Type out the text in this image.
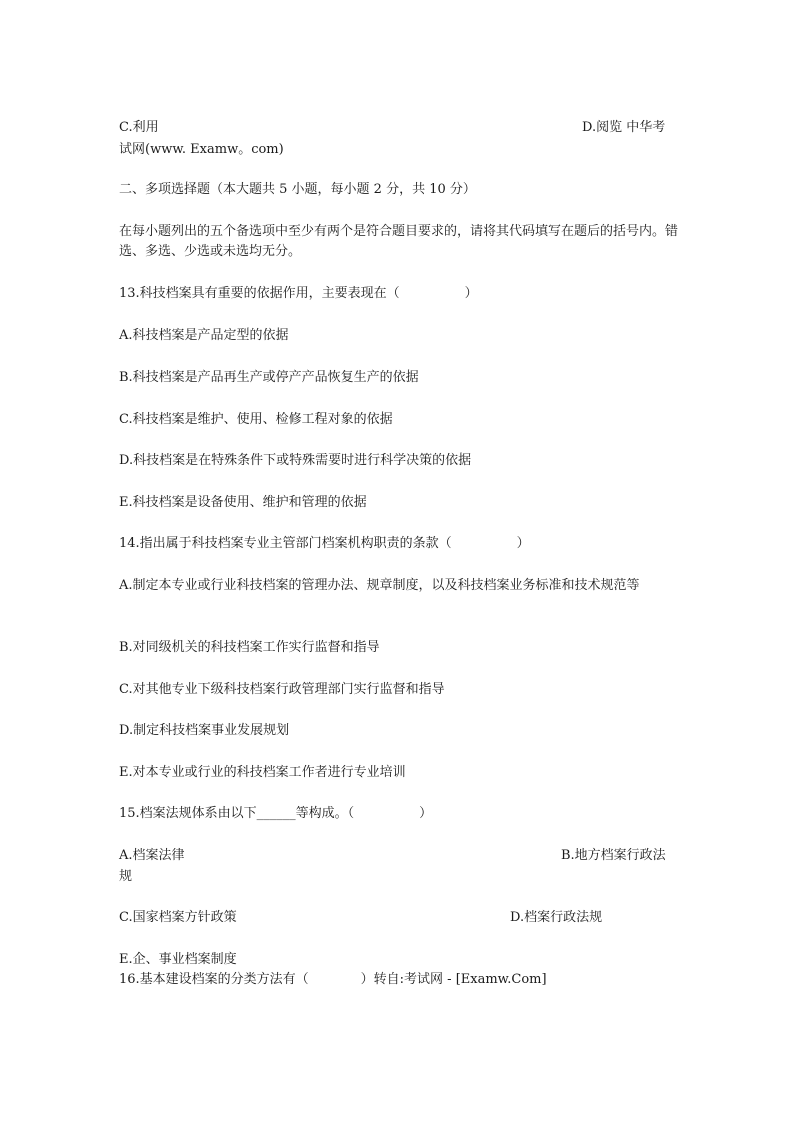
C.利用	D.阅览 中华考
试网(www. Examw。com)
二、多项选择题（本大题共 5 小题，每小题 2 分，共 10 分）
在每小题列出的五个备选项中至少有两个是符合题目要求的，请将其代码填写在题后的括号内。错选、多选、少选或未选均无分。
13.科技档案具有重要的依据作用，主要表现在（　　　　　）
A.科技档案是产品定型的依据
B.科技档案是产品再生产或停产产品恢复生产的依据
C.科技档案是维护、使用、检修工程对象的依据
D.科技档案是在特殊条件下或特殊需要时进行科学决策的依据
E.科技档案是设备使用、维护和管理的依据
14.指出属于科技档案专业主管部门档案机构职责的条款（　　　　　）
A.制定本专业或行业科技档案的管理办法、规章制度，以及科技档案业务标准和技术规范等
B.对同级机关的科技档案工作实行监督和指导
C.对其他专业下级科技档案行政管理部门实行监督和指导
D.制定科技档案事业发展规划
E.对本专业或行业的科技档案工作者进行专业培训
15.档案法规体系由以下______等构成。（　　　　　）
A.档案法律	B.地方档案行政法
规
C.国家档案方针政策	D.档案行政法规
E.企、事业档案制度
16.基本建设档案的分类方法有（　　　　）转自:考试网 - [Examw.Com]
